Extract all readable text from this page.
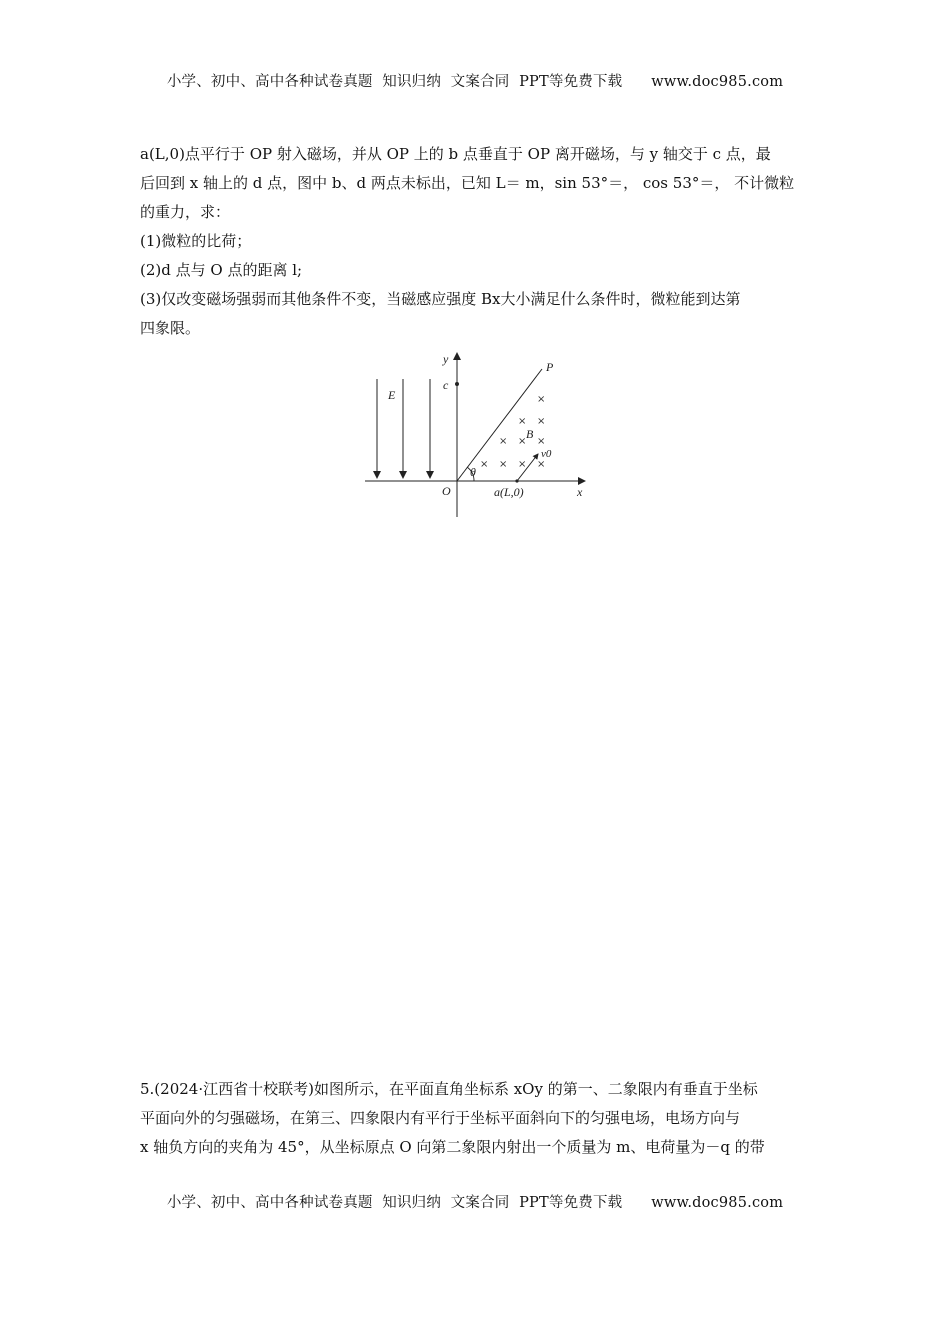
小学、初中、高中各种试卷真题  知识归纳  文案合同  PPT等免费下载      www.doc985.com
a(L,0)点平行于 OP 射入磁场，并从 OP 上的 b 点垂直于 OP 离开磁场，与 y 轴交于 c 点，最
后回到 x 轴上的 d 点，图中 b、d 两点未标出，已知 L＝ m，sin 53°＝， cos 53°＝， 不计微粒
的重力，求：
(1)微粒的比荷；
(2)d 点与 O 点的距离 l;
(3)仅改变磁场强弱而其他条件不变，当磁感应强度 Bx大小满足什么条件时，微粒能到达第
四象限。
E
y
x
O
c
P
θ
×
× ×
× × ×
× × × ×
B
v0
a(L,0)
5.(2024·江西省十校联考)如图所示，在平面直角坐标系 xOy 的第一、二象限内有垂直于坐标
平面向外的匀强磁场，在第三、四象限内有平行于坐标平面斜向下的匀强电场，电场方向与
x 轴负方向的夹角为 45°，从坐标原点 O 向第二象限内射出一个质量为 m、电荷量为－q 的带
小学、初中、高中各种试卷真题  知识归纳  文案合同  PPT等免费下载      www.doc985.com
